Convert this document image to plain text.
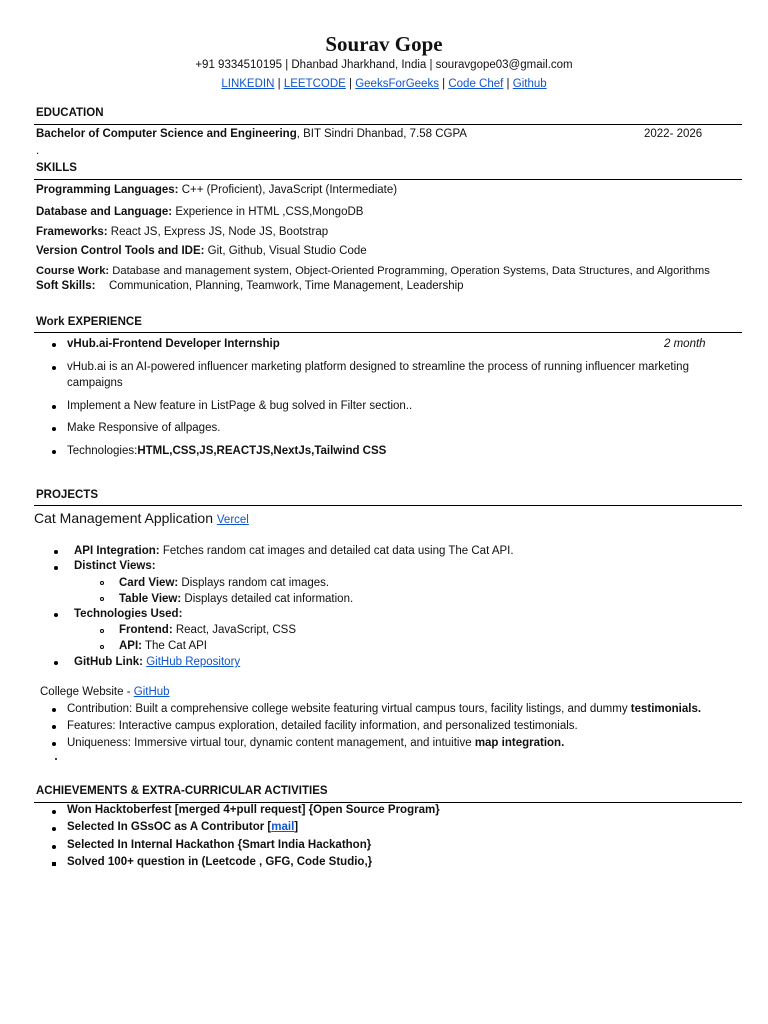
Sourav Gope
+91 9334510195 | Dhanbad Jharkhand, India | souravgope03@gmail.com
LINKEDIN | LEETCODE | GeeksForGeeks | Code Chef | Github
EDUCATION
Bachelor of Computer Science and Engineering, BIT Sindri Dhanbad, 7.58 CGPA	2022- 2026
.
SKILLS
Programming Languages: C++ (Proficient), JavaScript (Intermediate)
Database and Language: Experience in HTML ,CSS,MongoDB
Frameworks: React JS, Express JS, Node JS, Bootstrap
Version Control Tools and IDE: Git, Github, Visual Studio Code
Course Work: Database and management system, Object-Oriented Programming, Operation Systems, Data Structures, and Algorithms
Soft Skills: Communication, Planning, Teamwork, Time Management, Leadership
Work EXPERIENCE
vHub.ai-Frontend Developer Internship	2 month
vHub.ai is an AI-powered influencer marketing platform designed to streamline the process of running influencer marketing
campaigns
Implement a New feature in ListPage & bug solved in Filter section..
Make Responsive of allpages.
Technologies:HTML,CSS,JS,REACTJS,NextJs,Tailwind CSS
PROJECTS
Cat Management Application Vercel
API Integration: Fetches random cat images and detailed cat data using The Cat API.
Distinct Views:
Card View: Displays random cat images.
Table View: Displays detailed cat information.
Technologies Used:
Frontend: React, JavaScript, CSS
API: The Cat API
GitHub Link: GitHub Repository
College Website - GitHub
Contribution: Built a comprehensive college website featuring virtual campus tours, facility listings, and dummy testimonials.
Features: Interactive campus exploration, detailed facility information, and personalized testimonials.
Uniqueness: Immersive virtual tour, dynamic content management, and intuitive map integration.
ACHIEVEMENTS & EXTRA-CURRICULAR ACTIVITIES
Won Hacktoberfest [merged 4+pull request] {Open Source Program}
Selected In GSsOC as A Contributor [mail]
Selected In Internal Hackathon {Smart India Hackathon}
Solved 100+ question in (Leetcode , GFG, Code Studio,}
